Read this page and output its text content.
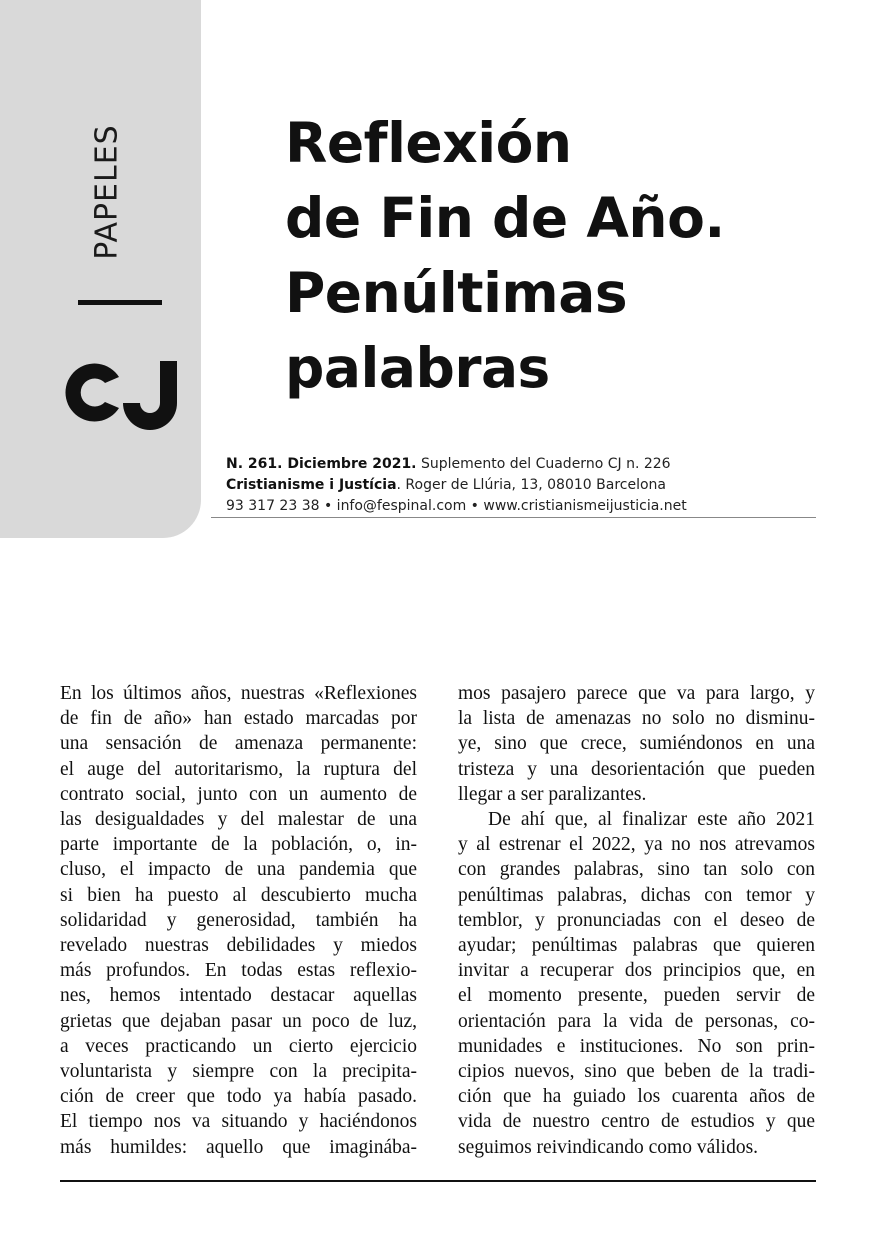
PAPELES	Reflexión
de Fin de Año.
Penúltimas
palabras
N. 261. Diciembre 2021. Suplemento del Cuaderno CJ n. 226
Cristianisme i Justícia. Roger de Llúria, 13, 08010 Barcelona
93 317 23 38 • info@fespinal.com • www.cristianismeijusticia.net
En los últimos años, nuestras «Reflexiones
de fin de año» han estado marcadas por
una sensación de amenaza permanente:
el auge del autoritarismo, la ruptura del
contrato social, junto con un aumento de
las desigualdades y del malestar de una
parte importante de la población, o, in-
cluso, el impacto de una pandemia que
si bien ha puesto al descubierto mucha
solidaridad y generosidad, también ha
revelado nuestras debilidades y miedos
más profundos. En todas estas reflexio-
nes, hemos intentado destacar aquellas
grietas que dejaban pasar un poco de luz,
a veces practicando un cierto ejercicio
voluntarista y siempre con la precipita-
ción de creer que todo ya había pasado.
El tiempo nos va situando y haciéndonos
más humildes: aquello que imaginába-
mos pasajero parece que va para largo, y
la lista de amenazas no solo no disminu-
ye, sino que crece, sumiéndonos en una
tristeza y una desorientación que pueden
llegar a ser paralizantes.
De ahí que, al finalizar este año 2021
y al estrenar el 2022, ya no nos atrevamos
con grandes palabras, sino tan solo con
penúltimas palabras, dichas con temor y
temblor, y pronunciadas con el deseo de
ayudar; penúltimas palabras que quieren
invitar a recuperar dos principios que, en
el momento presente, pueden servir de
orientación para la vida de personas, co-
munidades e instituciones. No son prin-
cipios nuevos, sino que beben de la tradi-
ción que ha guiado los cuarenta años de
vida de nuestro centro de estudios y que
seguimos reivindicando como válidos.
